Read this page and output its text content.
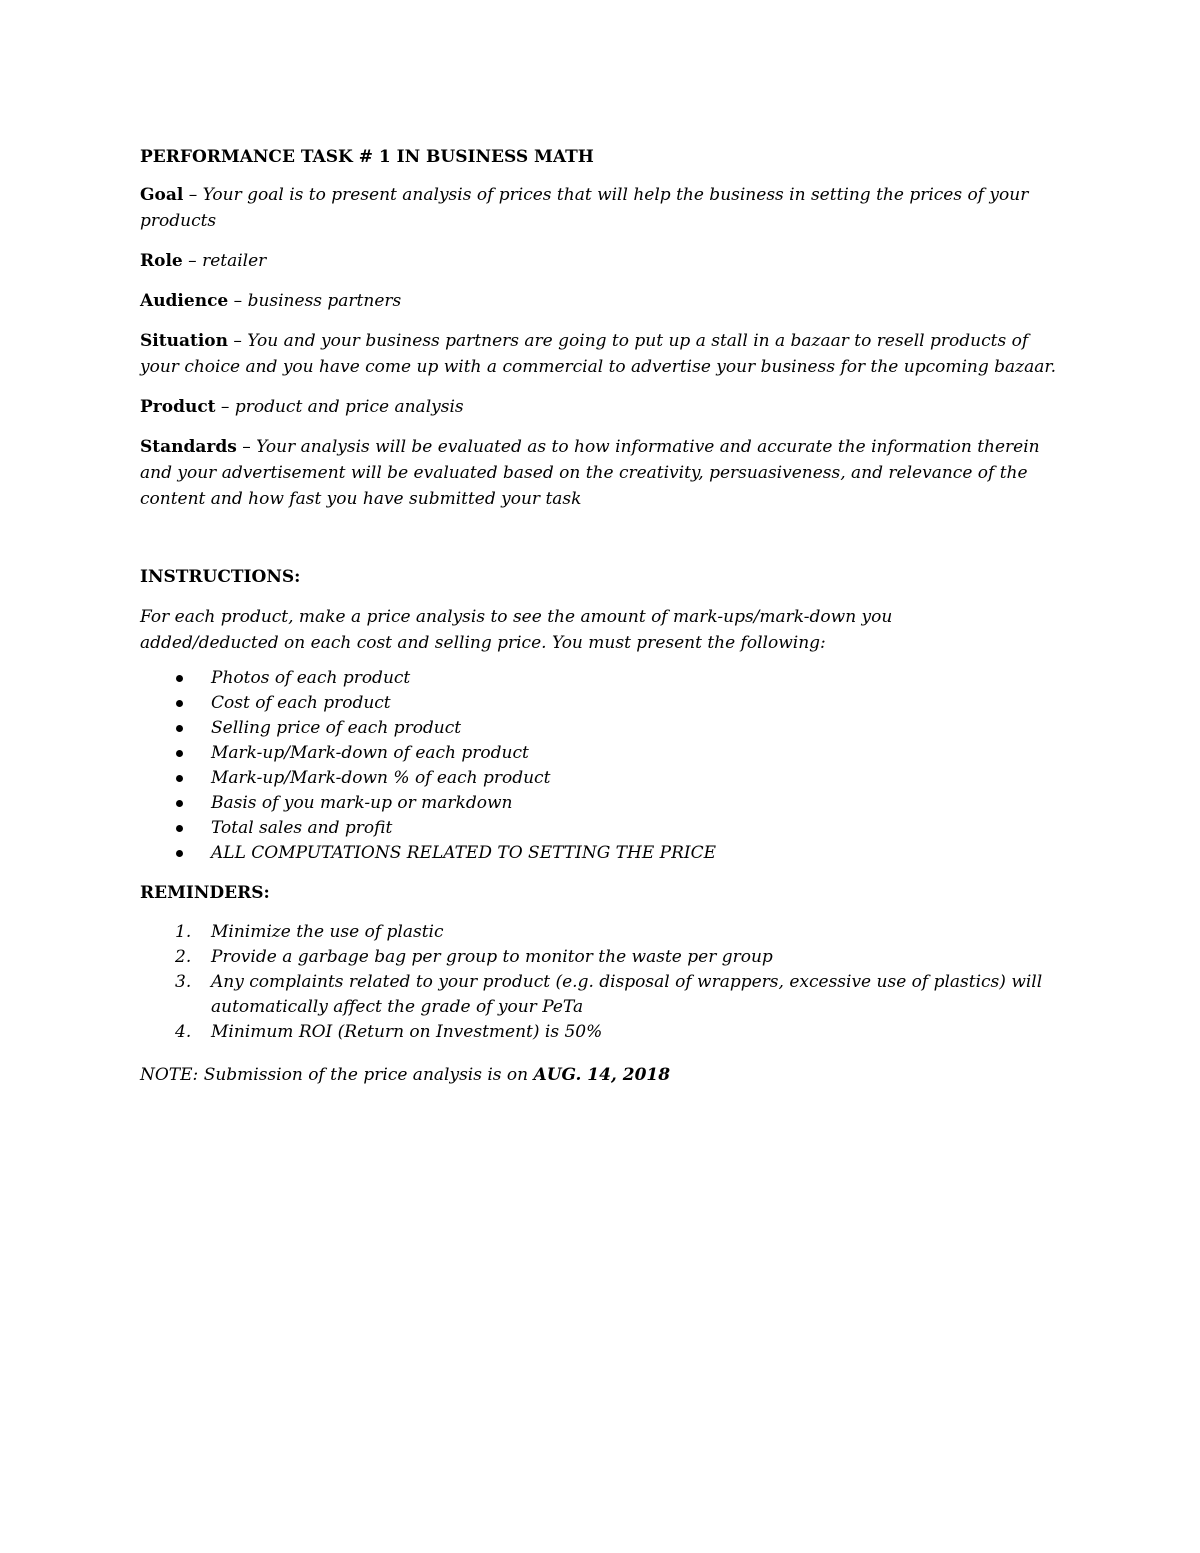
PERFORMANCE TASK # 1 IN BUSINESS MATH

Goal – Your goal is to present analysis of prices that will help the business in setting the prices of your products

Role – retailer

Audience – business partners

Situation – You and your business partners are going to put up a stall in a bazaar to resell products of your choice and you have come up with a commercial to advertise your business for the upcoming bazaar.

Product – product and price analysis

Standards – Your analysis will be evaluated as to how informative and accurate the information therein and your advertisement will be evaluated based on the creativity, persuasiveness, and relevance of the content and how fast you have submitted your task

INSTRUCTIONS:

For each product, make a price analysis to see the amount of mark-ups/mark-down you added/deducted on each cost and selling price. You must present the following:

Photos of each product
Cost of each product
Selling price of each product
Mark-up/Mark-down of each product
Mark-up/Mark-down % of each product
Basis of you mark-up or markdown
Total sales and profit
ALL COMPUTATIONS RELATED TO SETTING THE PRICE
REMINDERS:
1. Minimize the use of plastic
2. Provide a garbage bag per group to monitor the waste per group
3. Any complaints related to your product (e.g. disposal of wrappers, excessive use of plastics) will automatically affect the grade of your PeTa
4. Minimum ROI (Return on Investment) is 50%

NOTE: Submission of the price analysis is on AUG. 14, 2018
